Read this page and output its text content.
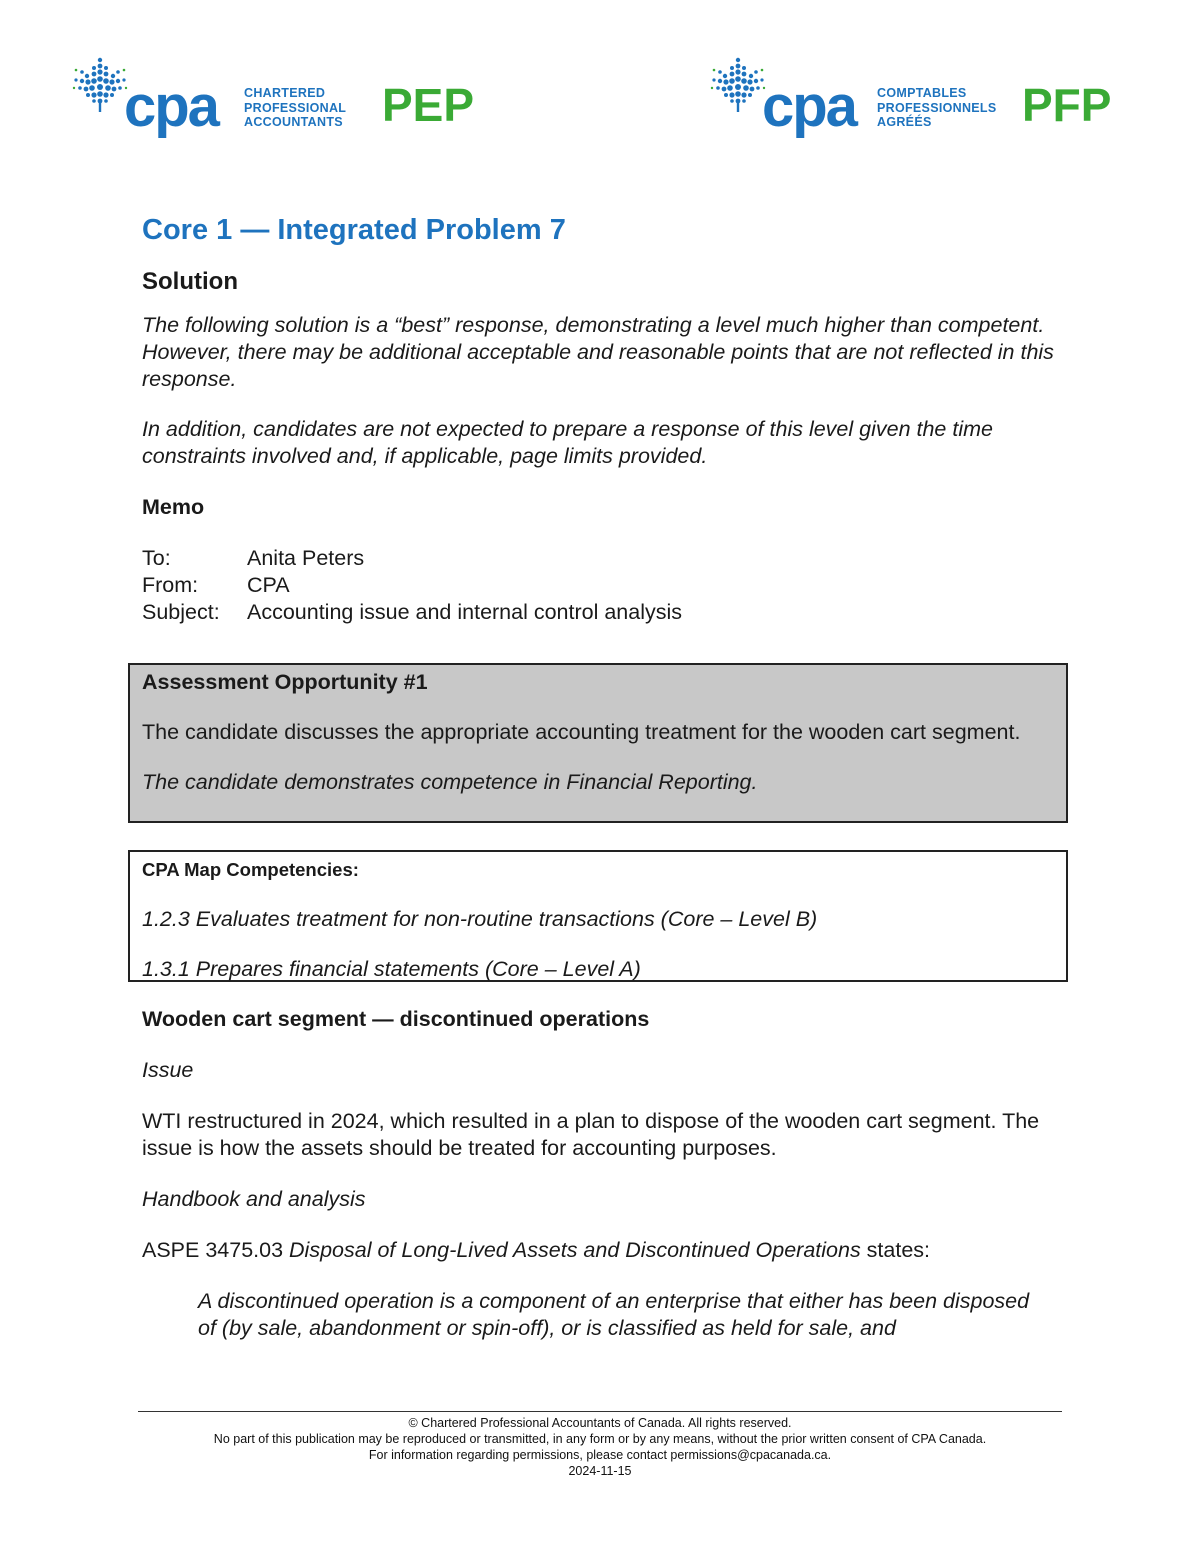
cpa CHARTERED
PROFESSIONAL
ACCOUNTANTS PEP	cpa COMPTABLES
PROFESSIONNELS
AGRÉÉS	PFP
Core 1 — Integrated Problem 7
Solution

The following solution is a “best” response, demonstrating a level much higher than competent. However, there may be additional acceptable and reasonable points that are not reflected in this response.

In addition, candidates are not expected to prepare a response of this level given the time constraints involved and, if applicable, page limits provided.

Memo

To:	Anita Peters
From:	CPA
Subject:	Accounting issue and internal control analysis

Assessment Opportunity #1

The candidate discusses the appropriate accounting treatment for the wooden cart segment.

The candidate demonstrates competence in Financial Reporting.

CPA Map Competencies:

1.2.3 Evaluates treatment for non-routine transactions (Core – Level B)

1.3.1 Prepares financial statements (Core – Level A)

Wooden cart segment — discontinued operations

Issue

WTI restructured in 2024, which resulted in a plan to dispose of the wooden cart segment. The issue is how the assets should be treated for accounting purposes.

Handbook and analysis

ASPE 3475.03 Disposal of Long-Lived Assets and Discontinued Operations states:

A discontinued operation is a component of an enterprise that either has been disposed of (by sale, abandonment or spin-off), or is classified as held for sale, and

© Chartered Professional Accountants of Canada. All rights reserved.
No part of this publication may be reproduced or transmitted, in any form or by any means, without the prior written consent of CPA Canada.
For information regarding permissions, please contact permissions@cpacanada.ca.
2024-11-15
